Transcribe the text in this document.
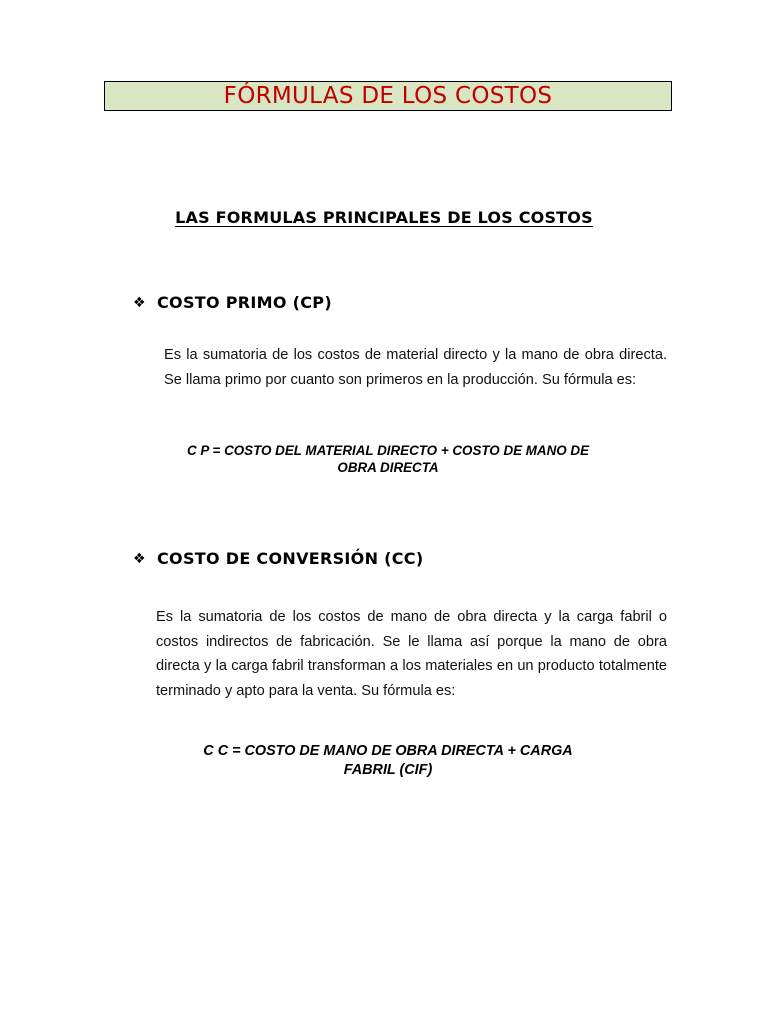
FÓRMULAS DE LOS COSTOS
LAS FORMULAS PRINCIPALES DE LOS COSTOS
❖ COSTO PRIMO (CP)
Es la sumatoria de los costos de material directo y la mano de obra directa. Se llama primo por cuanto son primeros en la producción. Su fórmula es:
C P = COSTO DEL MATERIAL DIRECTO + COSTO DE MANO DE
OBRA DIRECTA
❖ COSTO DE CONVERSIÓN (CC)
Es la sumatoria de los costos de mano de obra directa y la carga fabril o costos indirectos de fabricación. Se le llama así porque la mano de obra directa y la carga fabril transforman a los materiales en un producto totalmente terminado y apto para la venta. Su fórmula es:
C C = COSTO DE MANO DE OBRA DIRECTA + CARGA
FABRIL (CIF)
